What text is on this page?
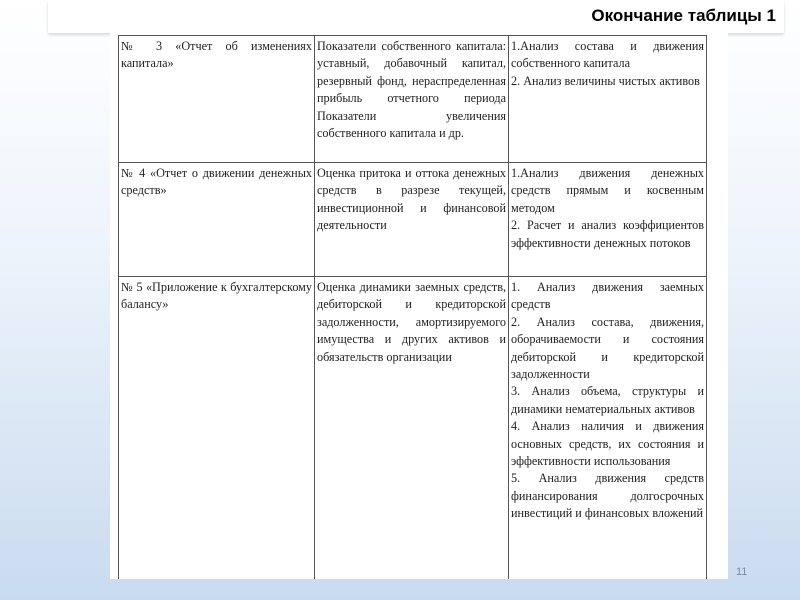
Окончание таблицы 1
№ 3 «Отчет об изменениях капитала»	Показатели собственного капитала: уставный, добавочный капитал, резервный фонд, нераспределенная прибыль отчетного периода Показатели увеличения собственного капитала и др.	1.Анализ состава и движения собственного капитала
2. Анализ величины чистых активов

№ 4 «Отчет о движении денежных средств»	Оценка притока и оттока денежных средств в разрезе текущей, инвестиционной и финансовой деятельности	1.Анализ движения денежных средств прямым и косвенным методом
2. Расчет и анализ коэффициентов эффективности денежных потоков

№ 5 «Приложение к бухгалтерскому балансу»	Оценка динамики заемных средств, дебиторской и кредиторской задолженности, амортизируемого имущества и других активов и обязательств организации	1. Анализ движения заемных средств
2. Анализ состава, движения, оборачиваемости и состояния дебиторской и кредиторской задолженности
3. Анализ объема, структуры и динамики нематериальных активов
4. Анализ наличия и движения основных средств, их состояния и эффективности использования
5. Анализ движения средств финансирования долгосрочных инвестиций и финансовых вложений
11
